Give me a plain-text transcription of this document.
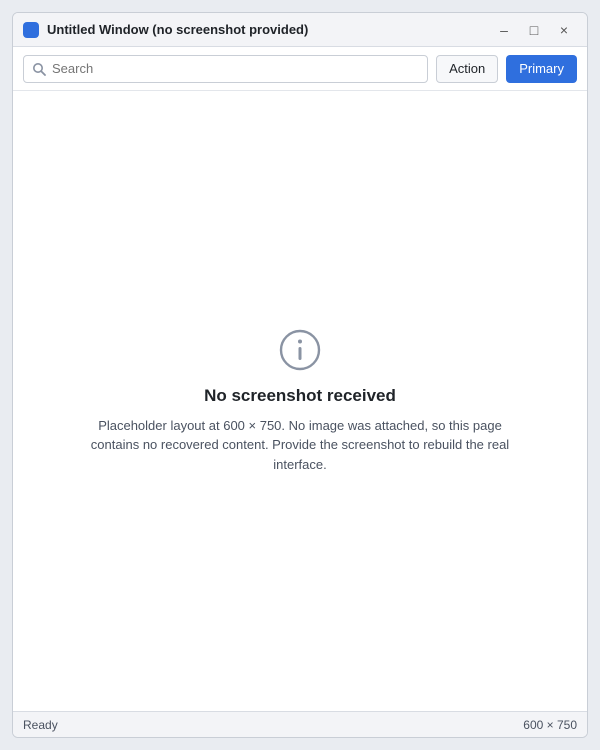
Untitled Window (no screenshot provided)	–	□	×
Search
Action	Primary
No screenshot received
Placeholder layout at 600 × 750. No image was attached, so this page contains no recovered content. Provide the screenshot to rebuild the real interface.
Ready	600 × 750
